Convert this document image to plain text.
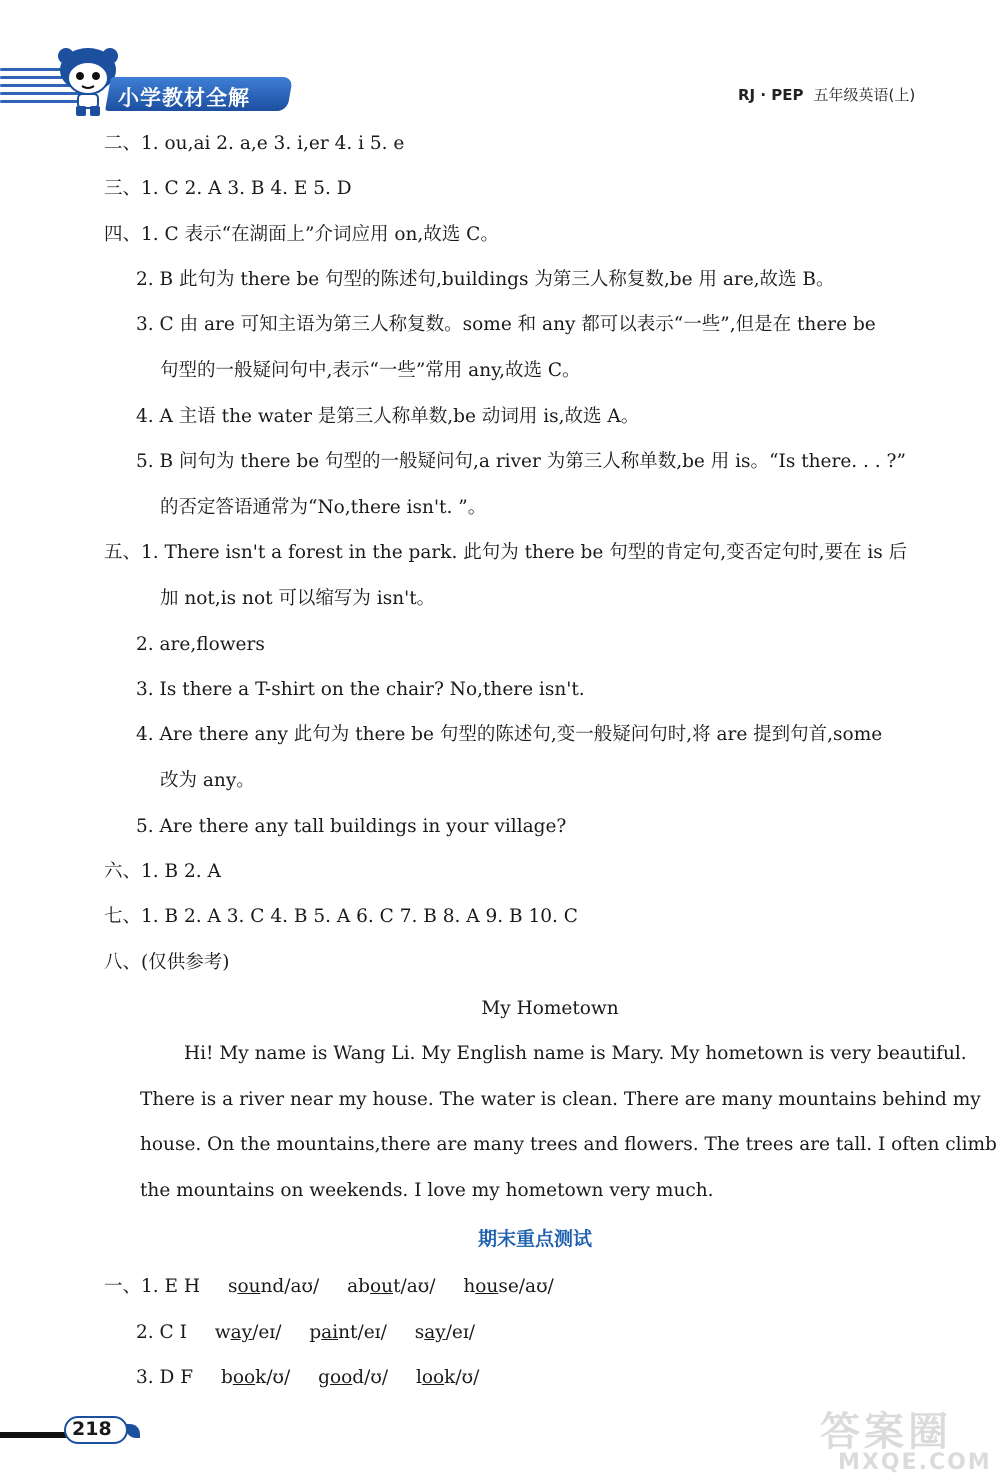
小学教材全解	RJ · PEP 五年级英语(上)
二、1. ou,ai 2. a,e 3. i,er 4. i 5. e
三、1. C 2. A 3. B 4. E 5. D
四、1. C 表示“在湖面上”介词应用 on,故选 C。
2. B 此句为 there be 句型的陈述句,buildings 为第三人称复数,be 用 are,故选 B。
3. C 由 are 可知主语为第三人称复数。some 和 any 都可以表示“一些”,但是在 there be
句型的一般疑问句中,表示“一些”常用 any,故选 C。
4. A 主语 the water 是第三人称单数,be 动词用 is,故选 A。
5. B 问句为 there be 句型的一般疑问句,a river 为第三人称单数,be 用 is。“Is there. . . ?”
的否定答语通常为“No,there isn't. ”。
五、1. There isn't a forest in the park. 此句为 there be 句型的肯定句,变否定句时,要在 is 后
加 not,is not 可以缩写为 isn't。
2. are,flowers
3. Is there a T-shirt on the chair? No,there isn't.
4. Are there any 此句为 there be 句型的陈述句,变一般疑问句时,将 are 提到句首,some
改为 any。
5. Are there any tall buildings in your village?
六、1. B 2. A
七、1. B 2. A 3. C 4. B 5. A 6. C 7. B 8. A 9. B 10. C
八、(仅供参考)
My Hometown
Hi! My name is Wang Li. My English name is Mary. My hometown is very beautiful.
There is a river near my house. The water is clean. There are many mountains behind my
house. On the mountains,there are many trees and flowers. The trees are tall. I often climb
the mountains on weekends. I love my hometown very much.
期末重点测试
一、1. E H sound/aʊ/ about/aʊ/ house/aʊ/
2. C I way/eɪ/ paint/eɪ/ say/eɪ/
3. D F book/ʊ/ good/ʊ/ look/ʊ/
218	答案圈
MXQE.COM
